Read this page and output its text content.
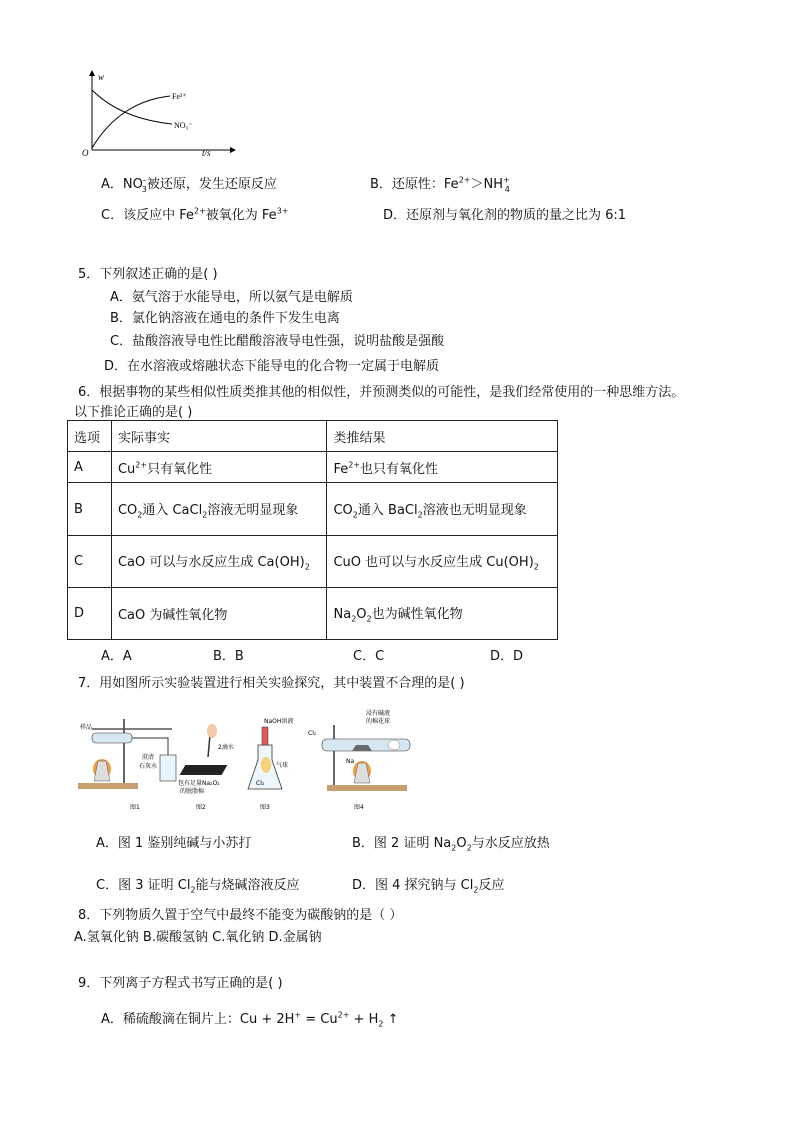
w
Fe³⁺
NO₃⁻
O	t/s
A．$NO^-_3$被还原，发生还原反应	B．还原性：$Fe^{2+}>NH^+_4$
C．该反应中 $Fe^{2+}$被氧化为 $Fe^{3+}$	D．还原剂与氧化剂的物质的量之比为 6:1
5．下列叙述正确的是( )
A．氨气溶于水能导电，所以氨气是电解质
B．氯化钠溶液在通电的条件下发生电离
C．盐酸溶液导电性比醋酸溶液导电性强，说明盐酸是强酸
D．在水溶液或熔融状态下能导电的化合物一定属于电解质
6．根据事物的某些相似性质类推其他的相似性，并预测类似的可能性，是我们经常使用的一种思维方法。
以下推论正确的是( )
选项	实际事实	类推结果
A	$Cu^{2+}$只有氧化性	$Fe^{2+}$也只有氧化性
B	$CO_2$通入 CaCl$_2$溶液无明显现象	$CO_2$通入 BaCl$_2$溶液也无明显现象
C	CaO 可以与水反应生成 $Ca(OH)_2$	CuO 也可以与水反应生成 $Cu(OH)_2$
D	CaO 为碱性氧化物	$Na_2O_2$也为碱性氧化物
A．A	B．B	C．C	D．D
7．用如图所示实验装置进行相关实验探究，其中装置不合理的是( )
样品
澄清
石灰水
图1
2滴水
包有足量Na₂O₂
的脱脂棉
图2
NaOH溶液
气球
Cl₂
图3
Cl₂
浸有碱液
的棉花球
Na
图4
A．图 1 鉴别纯碱与小苏打	B．图 2 证明 $Na_2O_2$与水反应放热
C．图 3 证明 $Cl_2$能与烧碱溶液反应	D．图 4 探究钠与 $Cl_2$反应
8．下列物质久置于空气中最终不能变为碳酸钠的是（ ）
A.氢氧化钠 B.碳酸氢钠 C.氧化钠 D.金属钠
9．下列离子方程式书写正确的是( )
A．稀硫酸滴在铜片上：$Cu + 2H^+ = Cu^{2+} + H_2$ ↑
